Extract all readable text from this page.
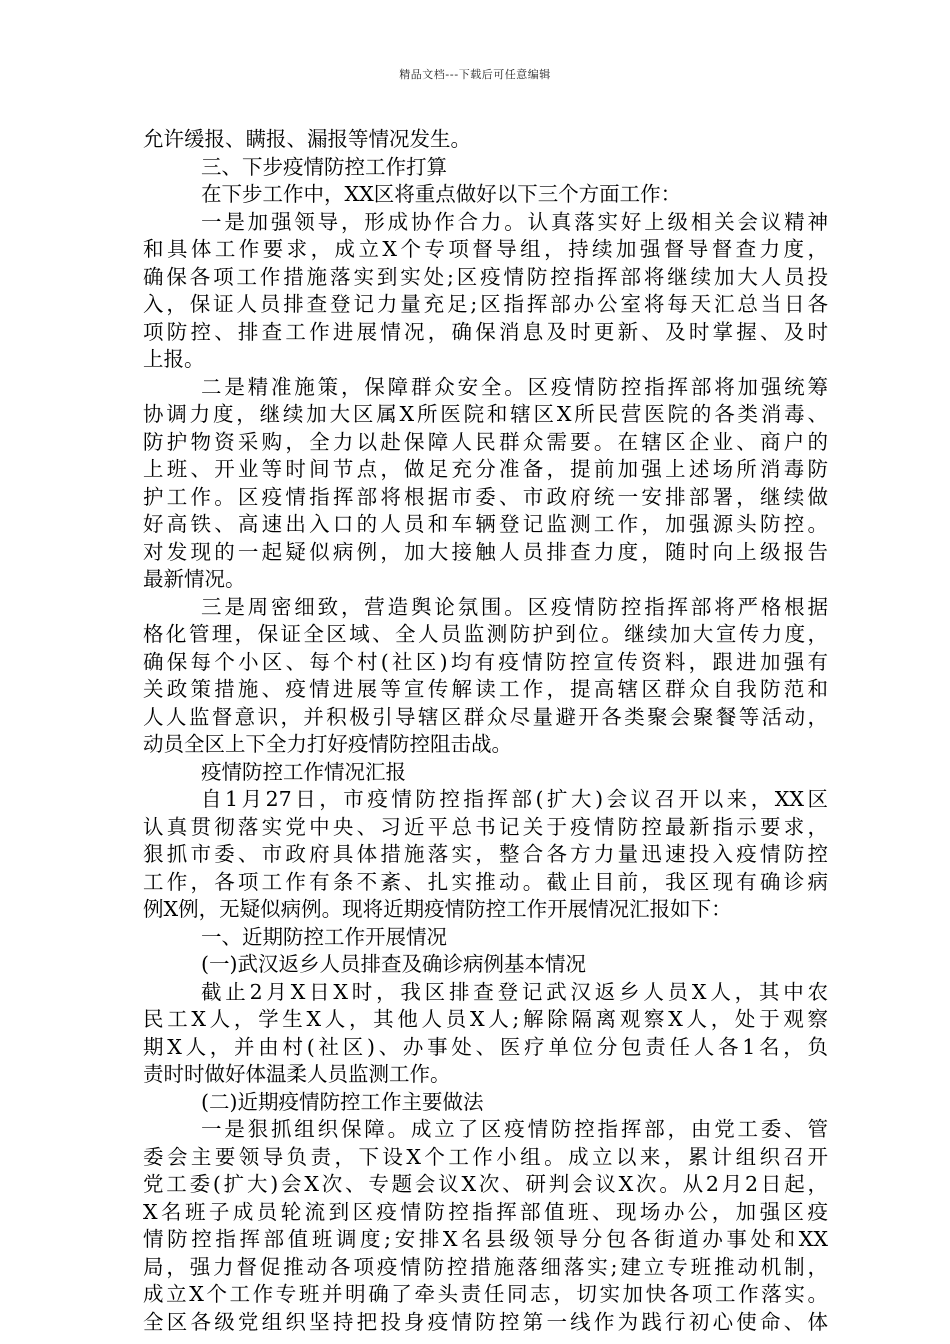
精品文档---下载后可任意编辑
允许缓报、瞒报、漏报等情况发生。
三、下步疫情防控工作打算
在下步工作中，XX区将重点做好以下三个方面工作：
一是加强领导，形成协作合力。认真落实好上级相关会议精神
和具体工作要求，成立X个专项督导组，持续加强督导督查力度，
确保各项工作措施落实到实处;区疫情防控指挥部将继续加大人员投
入，保证人员排查登记力量充足;区指挥部办公室将每天汇总当日各
项防控、排查工作进展情况，确保消息及时更新、及时掌握、及时
上报。
二是精准施策，保障群众安全。区疫情防控指挥部将加强统筹
协调力度，继续加大区属X所医院和辖区X所民营医院的各类消毒、
防护物资采购，全力以赴保障人民群众需要。在辖区企业、商户的
上班、开业等时间节点，做足充分准备，提前加强上述场所消毒防
护工作。区疫情指挥部将根据市委、市政府统一安排部署，继续做
好高铁、高速出入口的人员和车辆登记监测工作，加强源头防控。
对发现的一起疑似病例，加大接触人员排查力度，随时向上级报告
最新情况。
三是周密细致，营造舆论氛围。区疫情防控指挥部将严格根据
格化管理，保证全区域、全人员监测防护到位。继续加大宣传力度，
确保每个小区、每个村(社区)均有疫情防控宣传资料，跟进加强有
关政策措施、疫情进展等宣传解读工作，提高辖区群众自我防范和
人人监督意识，并积极引导辖区群众尽量避开各类聚会聚餐等活动，
动员全区上下全力打好疫情防控阻击战。
疫情防控工作情况汇报
自1月27日，市疫情防控指挥部(扩大)会议召开以来，XX区
认真贯彻落实党中央、习近平总书记关于疫情防控最新指示要求，
狠抓市委、市政府具体措施落实，整合各方力量迅速投入疫情防控
工作，各项工作有条不紊、扎实推动。截止目前，我区现有确诊病
例X例，无疑似病例。现将近期疫情防控工作开展情况汇报如下：
一、近期防控工作开展情况
(一)武汉返乡人员排查及确诊病例基本情况
截止2月X日X时，我区排查登记武汉返乡人员X人，其中农
民工X人，学生X人，其他人员X人;解除隔离观察X人，处于观察
期X人，并由村(社区)、办事处、医疗单位分包责任人各1名，负
责时时做好体温柔人员监测工作。
(二)近期疫情防控工作主要做法
一是狠抓组织保障。成立了区疫情防控指挥部，由党工委、管
委会主要领导负责，下设X个工作小组。成立以来，累计组织召开
党工委(扩大)会X次、专题会议X次、研判会议X次。从2月2日起，
X名班子成员轮流到区疫情防控指挥部值班、现场办公，加强区疫
情防控指挥部值班调度;安排X名县级领导分包各街道办事处和XX
局，强力督促推动各项疫情防控措施落细落实;建立专班推动机制，
成立X个工作专班并明确了牵头责任同志，切实加快各项工作落实。
全区各级党组织坚持把投身疫情防控第一线作为践行初心使命、体
